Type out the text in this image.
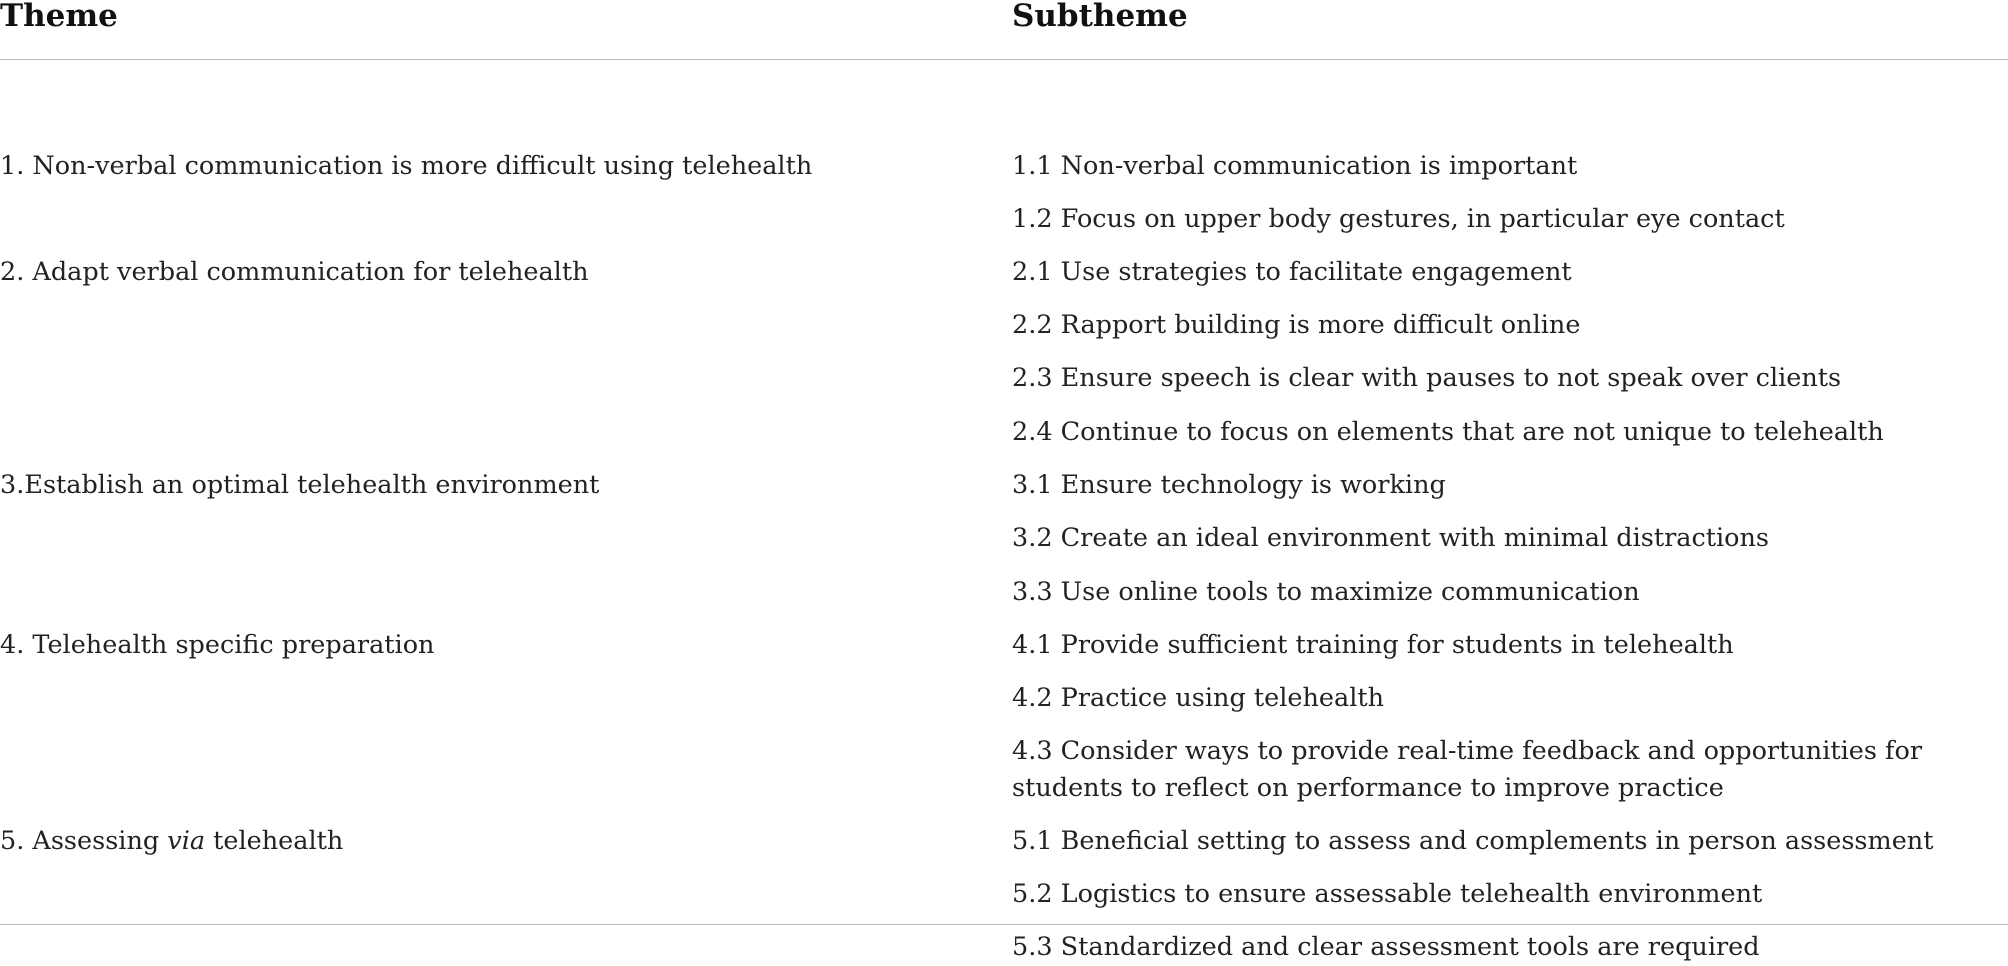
Theme	Subtheme
1. Non-verbal communication is more difficult using telehealth
2. Adapt verbal communication for telehealth
3.Establish an optimal telehealth environment
4. Telehealth specific preparation
5. Assessing via telehealth
1.1 Non-verbal communication is important
1.2 Focus on upper body gestures, in particular eye contact
2.1 Use strategies to facilitate engagement
2.2 Rapport building is more difficult online
2.3 Ensure speech is clear with pauses to not speak over clients
2.4 Continue to focus on elements that are not unique to telehealth
3.1 Ensure technology is working
3.2 Create an ideal environment with minimal distractions
3.3 Use online tools to maximize communication
4.1 Provide sufficient training for students in telehealth
4.2 Practice using telehealth
4.3 Consider ways to provide real-time feedback and opportunities for students to reflect on performance to improve practice
5.1 Beneficial setting to assess and complements in person assessment
5.2 Logistics to ensure assessable telehealth environment
5.3 Standardized and clear assessment tools are required
